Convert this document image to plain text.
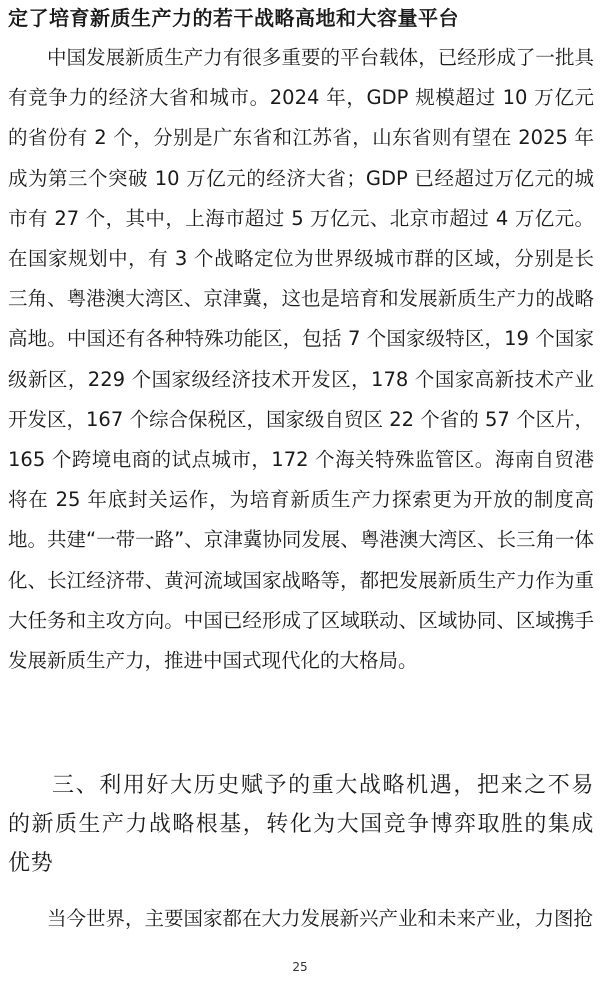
定了培育新质生产力的若干战略高地和大容量平台

中国发展新质生产力有很多重要的平台载体，已经形成了一批具有竞争力的经济大省和城市。2024 年，GDP 规模超过 10 万亿元的省份有 2 个，分别是广东省和江苏省，山东省则有望在 2025 年成为第三个突破 10 万亿元的经济大省；GDP 已经超过万亿元的城市有 27 个，其中，上海市超过 5 万亿元、北京市超过 4 万亿元。在国家规划中，有 3 个战略定位为世界级城市群的区域，分别是长三角、粤港澳大湾区、京津冀，这也是培育和发展新质生产力的战略高地。中国还有各种特殊功能区，包括 7 个国家级特区，19 个国家级新区，229 个国家级经济技术开发区，178 个国家高新技术产业开发区，167 个综合保税区，国家级自贸区 22 个省的 57 个区片，165 个跨境电商的试点城市，172 个海关特殊监管区。海南自贸港将在 25 年底封关运作，为培育新质生产力探索更为开放的制度高地。共建“一带一路”、京津冀协同发展、粤港澳大湾区、长三角一体化、长江经济带、黄河流域国家战略等，都把发展新质生产力作为重大任务和主攻方向。中国已经形成了区域联动、区域协同、区域携手发展新质生产力，推进中国式现代化的大格局。

三、利用好大历史赋予的重大战略机遇，把来之不易的新质生产力战略根基，转化为大国竞争博弈取胜的集成优势

当今世界，主要国家都在大力发展新兴产业和未来产业，力图抢

25
